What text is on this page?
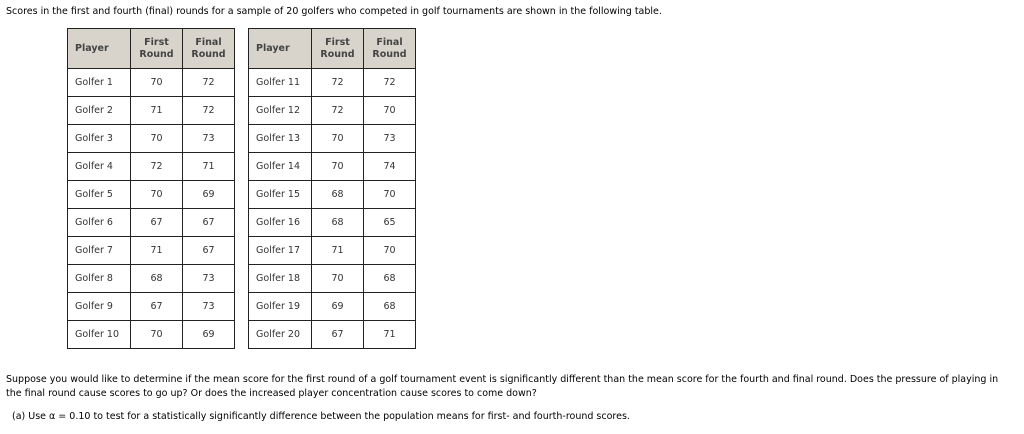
Scores in the first and fourth (final) rounds for a sample of 20 golfers who competed in golf tournaments are shown in the following table.
Player	First Round	Final Round
Golfer 1	70	72
Golfer 2	71	72
Golfer 3	70	73
Golfer 4	72	71
Golfer 5	70	69
Golfer 6	67	67
Golfer 7	71	67
Golfer 8	68	73
Golfer 9	67	73
Golfer 10	70	69
Player	First Round	Final Round
Golfer 11	72	72
Golfer 12	72	70
Golfer 13	70	73
Golfer 14	70	74
Golfer 15	68	70
Golfer 16	68	65
Golfer 17	71	70
Golfer 18	70	68
Golfer 19	69	68
Golfer 20	67	71
Suppose you would like to determine if the mean score for the first round of a golf tournament event is significantly different than the mean score for the fourth and final round. Does the pressure of playing in the final round cause scores to go up? Or does the increased player concentration cause scores to come down?
(a) Use α = 0.10 to test for a statistically significantly difference between the population means for first- and fourth-round scores.
